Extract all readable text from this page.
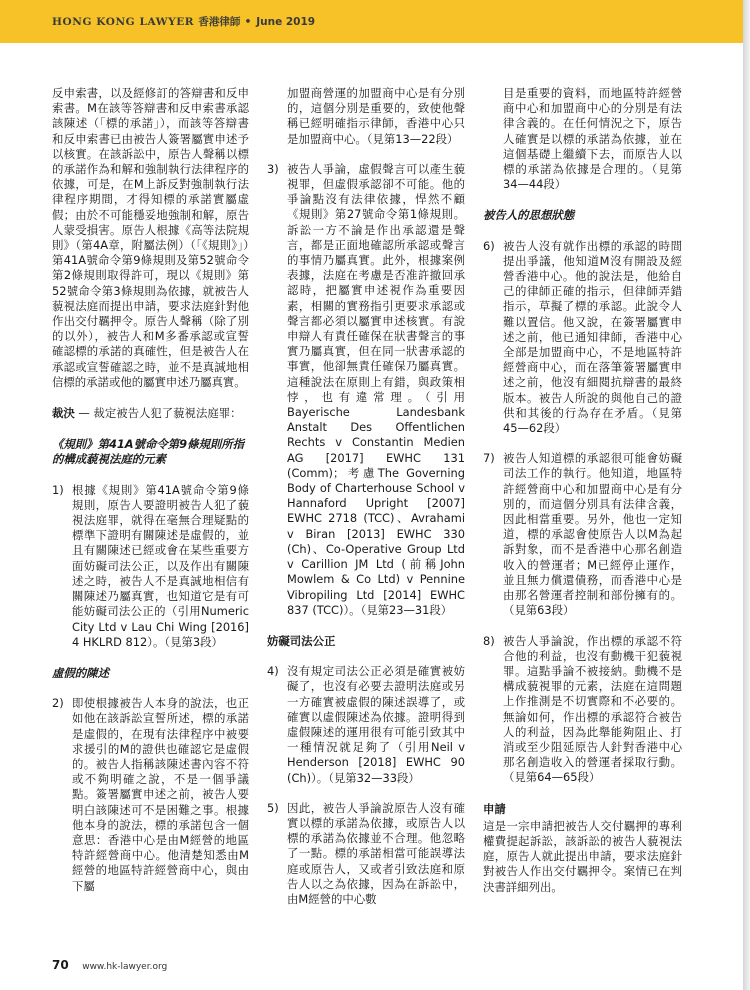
HONG KONG LAWYER 香港律師 • June 2019

反申索書，以及經修訂的答辯書和反申索書。M在該等答辯書和反申索書承認該陳述（「標的承諾」），而該等答辯書和反申索書已由被告人簽署屬實申述予以核實。在該訴訟中，原告人聲稱以標的承諾作為和解和強制執行法律程序的依據，可是，在M上訴反對強制執行法律程序期間，才得知標的承諾實屬虛假；由於不可能穩妥地強制和解，原告人蒙受損害。原告人根據《高等法院規則》（第4A章，附屬法例）（「《規則》」）第41A號命令第9條規則及第52號命令第2條規則取得許可，現以《規則》第52號命令第3條規則為依據，就被告人藐視法庭而提出申請，要求法庭針對他作出交付羈押令。原告人聲稱（除了別的以外），被告人和M多番承認或宣誓確認標的承諾的真確性，但是被告人在承認或宣誓確認之時，並不是真誠地相信標的承諾或他的屬實申述乃屬真實。

裁決 — 裁定被告人犯了藐視法庭罪：

《規則》第41A號命令第9條規則所指的構成藐視法庭的元素

1) 根據《規則》第41A號命令第9條規則，原告人要證明被告人犯了藐視法庭罪，就得在毫無合理疑點的標準下證明有關陳述是虛假的，並且有關陳述已經或會在某些重要方面妨礙司法公正，以及作出有關陳述之時，被告人不是真誠地相信有關陳述乃屬真實，也知道它是有可能妨礙司法公正的（引用Numeric City Ltd v Lau Chi Wing [2016] 4 HKLRD 812）。（見第3段）

虛假的陳述

2) 即使根據被告人本身的說法，也正如他在該訴訟宣誓所述，標的承諾是虛假的，在現有法律程序中被要求援引的M的證供也確認它是虛假的。被告人指稱該陳述書內容不符或不夠明確之說，不是一個爭議點。簽署屬實申述之前，被告人要明白該陳述可不是困難之事。根據他本身的說法，標的承諾包含一個意思：香港中心是由M經營的地區特許經營商中心。他清楚知悉由M經營的地區特許經營商中心，與由下屬

加盟商營運的加盟商中心是有分別的，這個分別是重要的，致使他聲稱已經明確指示律師，香港中心只是加盟商中心。（見第13—22段）

3) 被告人爭論，虛假聲言可以產生藐視罪，但虛假承認卻不可能。他的爭論點沒有法律依據，悍然不顧《規則》第27號命令第1條規則。訴訟一方不論是作出承認還是聲言，都是正面地確認所承認或聲言的事情乃屬真實。此外，根據案例表據，法庭在考慮是否准許撤回承認時，把屬實申述視作為重要因素，相關的實務指引更要求承認或聲言都必須以屬實申述核實。有說申辯人有責任確保在狀書聲言的事實乃屬真實，但在同一狀書承認的事實，他卻無責任確保乃屬真實。這種說法在原則上有錯，與政策相悖，也有違常理。（引用Bayerische Landesbank Anstalt Des Offentlichen Rechts v Constantin Medien AG [2017] EWHC 131 (Comm)；考慮The Governing Body of Charterhouse School v Hannaford Upright [2007] EWHC 2718 (TCC)、Avrahami v Biran [2013] EWHC 330 (Ch)、Co-Operative Group Ltd v Carillion JM Ltd (前稱John Mowlem & Co Ltd) v Pennine Vibropiling Ltd [2014] EWHC 837 (TCC)）。（見第23—31段）

妨礙司法公正

4) 沒有規定司法公正必須是確實被妨礙了，也沒有必要去證明法庭或另一方確實被虛假的陳述誤導了，或確實以虛假陳述為依據。證明得到虛假陳述的運用很有可能引致其中一種情況就足夠了（引用Neil v Henderson [2018] EWHC 90 (Ch)）。（見第32—33段）
5) 因此，被告人爭論說原告人沒有確實以標的承諾為依據，或原告人以標的承諾為依據並不合理。他忽略了一點。標的承諾相當可能誤導法庭或原告人，又或者引致法庭和原告人以之為依據，因為在訴訟中，由M經營的中心數

目是重要的資料，而地區特許經營商中心和加盟商中心的分別是有法律含義的。在任何情況之下，原告人確實是以標的承諾為依據，並在這個基礎上繼續下去，而原告人以標的承諾為依據是合理的。（見第34—44段）

被告人的思想狀態

6) 被告人沒有就作出標的承認的時間提出爭議，他知道M沒有開設及經營香港中心。他的說法是，他給自己的律師正確的指示，但律師弄錯指示，草擬了標的承認。此說令人難以置信。他又說，在簽署屬實申述之前，他已通知律師，香港中心全部是加盟商中心，不是地區特許經營商中心，而在落筆簽署屬實申述之前，他沒有細閱抗辯書的最終版本。被告人所說的與他自己的證供和其後的行為存在矛盾。（見第45—62段）
7) 被告人知道標的承認很可能會妨礙司法工作的執行。他知道，地區特許經營商中心和加盟商中心是有分別的，而這個分別具有法律含義，因此相當重要。另外，他也一定知道，標的承認會使原告人以M為起訴對象，而不是香港中心那名創造收入的營運者；M已經停止運作，並且無力償還債務，而香港中心是由那名營運者控制和部份擁有的。（見第63段）
8) 被告人爭論說，作出標的承認不符合他的利益，也沒有動機干犯藐視罪。這點爭論不被接納。動機不是構成藐視罪的元素，法庭在這問題上作推測是不切實際和不必要的。無論如何，作出標的承認符合被告人的利益，因為此舉能夠阻止、打消或至少阻延原告人針對香港中心那名創造收入的營運者採取行動。（見第64—65段）

申請

這是一宗申請把被告人交付羈押的專利權費提起訴訟，該訴訟的被告人藐視法庭，原告人就此提出申請，要求法庭針對被告人作出交付羈押令。案情已在判決書詳細列出。

70 www.hk-lawyer.org
